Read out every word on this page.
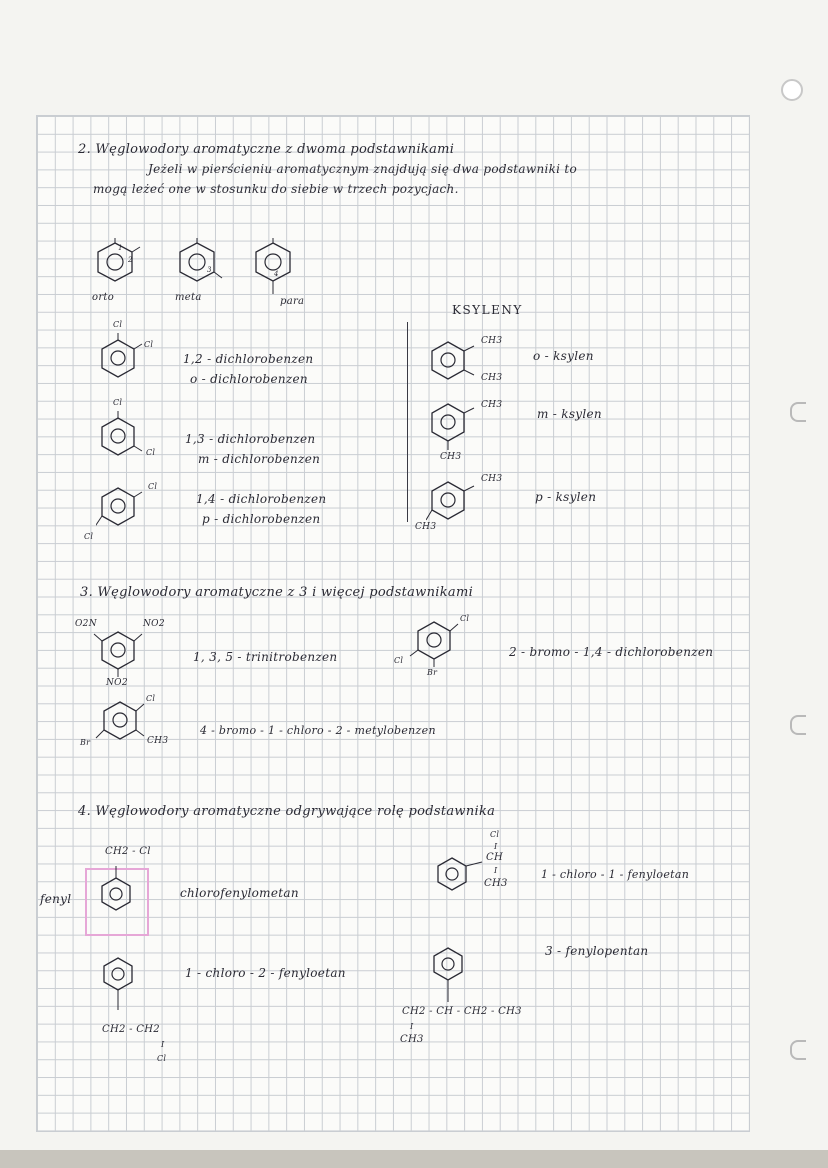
2. Węglowodory aromatyczne z dwoma podstawnikami
Jeżeli w pierścieniu aromatycznym znajdują się dwa podstawniki to
mogą leżeć one w stosunku do siebie w trzech pozycjach.
1
2
3	4
orto	meta	para
Cl
Cl
1,2 - dichlorobenzen
o - dichlorobenzen
Cl
Cl
1,3 - dichlorobenzen
m - dichlorobenzen
Cl
Cl
1,4 - dichlorobenzen
p - dichlorobenzen
KSYLENY
CH3
CH3
o - ksylen
CH3
CH3
m - ksylen
CH3
CH3
p - ksylen
3. Węglowodory aromatyczne z 3 i więcej podstawnikami
O2N	NO2
NO2
1, 3, 5 - trinitrobenzen
Cl
Cl
Br
2 - bromo - 1,4 - dichlorobenzen
Cl
Br	CH3
4 - bromo - 1 - chloro - 2 - metylobenzen
4. Węglowodory aromatyczne odgrywające rolę podstawnika
CH2 - Cl
fenyl	chlorofenylometan
Cl
I
CH
I
CH3
1 - chloro - 1 - fenyloetan
1 - chloro - 2 - fenyloetan
CH2 - CH2
I
Cl
3 - fenylopentan
CH2 - CH - CH2 - CH3
I
CH3
